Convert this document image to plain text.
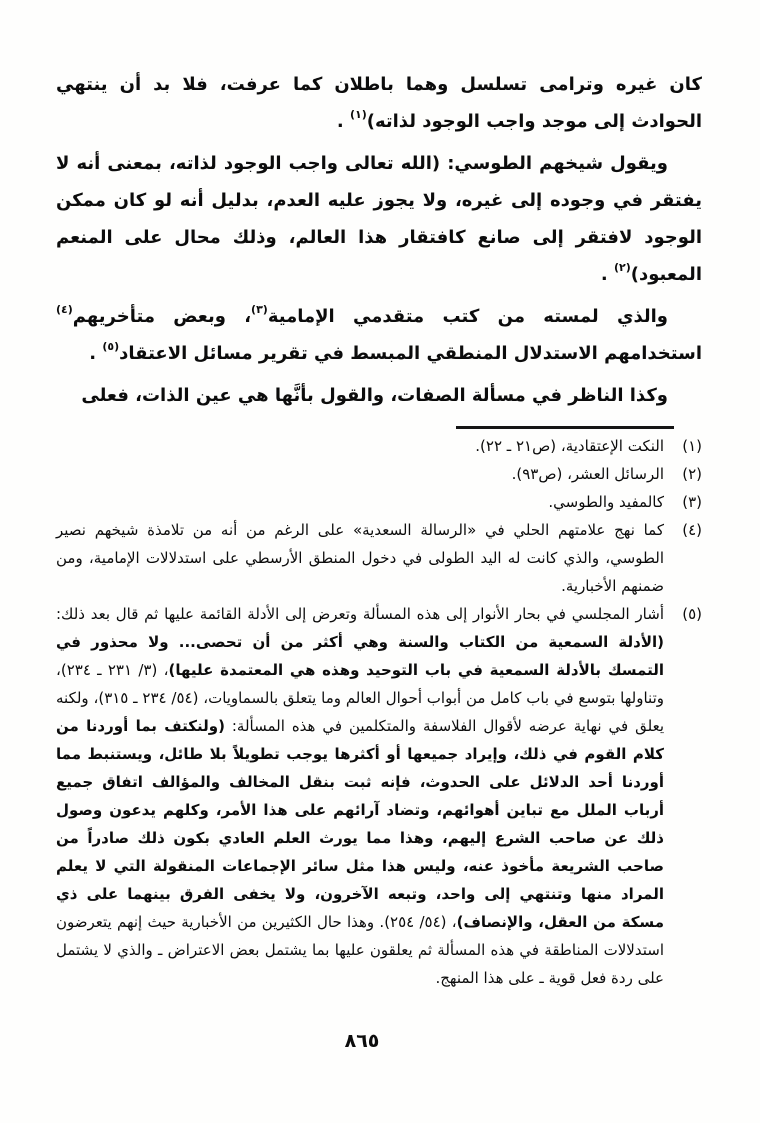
كان غيره وترامى تسلسل وهما باطلان كما عرفت، فلا بد أن ينتهي الحوادث إلى موجد واجب الوجود لذاته)$^{(١)}$ .

ويقول شيخهم الطوسي: (الله تعالى واجب الوجود لذاته، بمعنى أنه لا يفتقر في وجوده إلى غيره، ولا يجوز عليه العدم، بدليل أنه لو كان ممكن الوجود لافتقر إلى صانع كافتقار هذا العالم، وذلك محال على المنعم المعبود)$^{(٢)}$ .

والذي لمسته من كتب متقدمي الإمامية$^{(٣)}$، وبعض متأخريهم$^{(٤)}$ استخدامهم الاستدلال المنطقي المبسط في تقرير مسائل الاعتقاد$^{(٥)}$ .

وكذا الناظر في مسألة الصفات، والقول بأنَّها هي عين الذات، فعلى

(١)
النكت الإعتقادية، (ص٢١ ـ ٢٢).
(٢)
الرسائل العشر، (ص٩٣).
(٣)
كالمفيد والطوسي.
(٤)
كما نهج علامتهم الحلي في «الرسالة السعدية» على الرغم من أنه من تلامذة شيخهم نصير الطوسي، والذي كانت له اليد الطولى في دخول المنطق الأرسطي على استدلالات الإمامية، ومن ضمنهم الأخبارية.
(٥)
أشار المجلسي في بحار الأنوار إلى هذه المسألة وتعرض إلى الأدلة القائمة عليها ثم قال بعد ذلك: (الأدلة السمعية من الكتاب والسنة وهي أكثر من أن تحصى... ولا محذور في التمسك بالأدلة السمعية في باب التوحيد وهذه هي المعتمدة عليها)، (٣/ ٢٣١ ـ ٢٣٤)، وتناولها بتوسع في باب كامل من أبواب أحوال العالم وما يتعلق بالسماويات، (٥٤/ ٢٣٤ ـ ٣١٥)، ولكنه يعلق في نهاية عرضه لأقوال الفلاسفة والمتكلمين في هذه المسألة: (ولنكتف بما أوردنا من كلام القوم في ذلك، وإيراد جميعها أو أكثرها يوجب تطويلاً بلا طائل، ويستنبط مما أوردنا أحد الدلائل على الحدوث، فإنه ثبت بنقل المخالف والمؤالف اتفاق جميع أرباب الملل مع تباين أهوائهم، وتضاد آرائهم على هذا الأمر، وكلهم يدعون وصول ذلك عن صاحب الشرع إليهم، وهذا مما يورث العلم العادي بكون ذلك صادراً من صاحب الشريعة مأخوذ عنه، وليس هذا مثل سائر الإجماعات المنقولة التي لا يعلم المراد منها وتنتهي إلى واحد، وتبعه الآخرون، ولا يخفى الفرق بينهما على ذي مسكة من العقل، والإنصاف)، (٥٤/ ٢٥٤). وهذا حال الكثيرين من الأخبارية حيث إنهم يتعرضون استدلالات المناطقة في هذه المسألة ثم يعلقون عليها بما يشتمل بعض الاعتراض ـ والذي لا يشتمل على ردة فعل قوية ـ على هذا المنهج.
٨٦٥
